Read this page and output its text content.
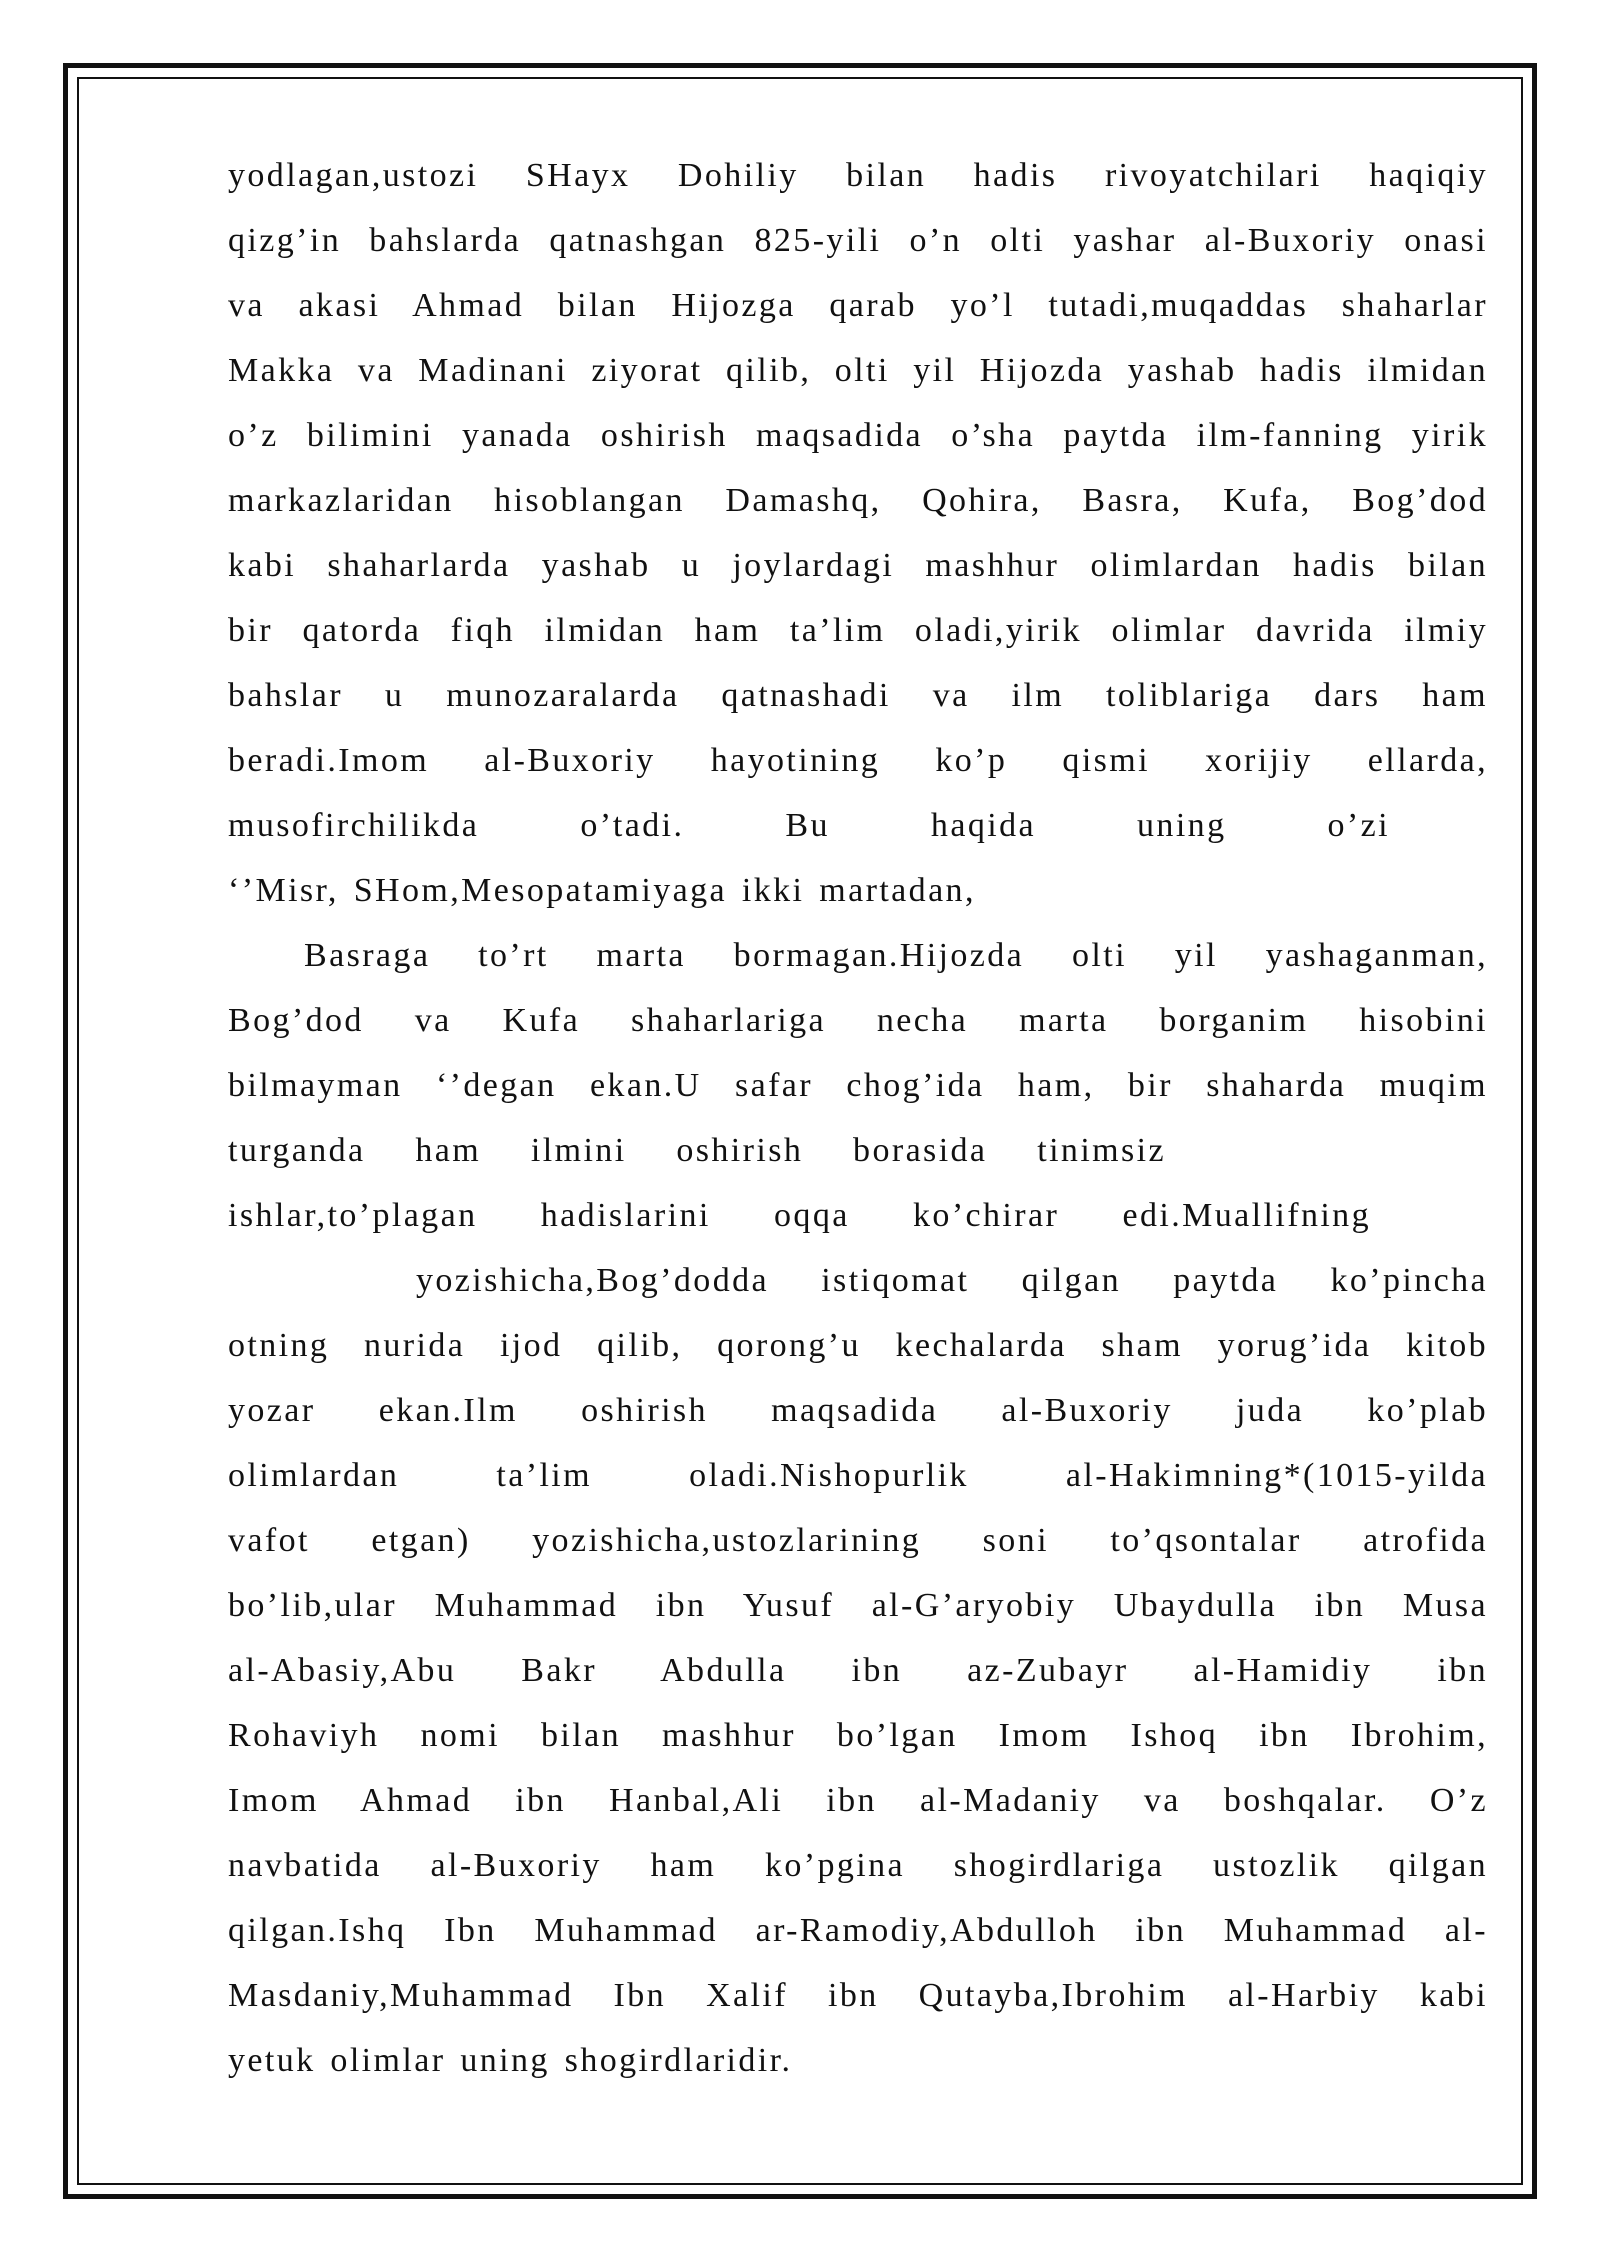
yodlagan,ustozi SHayx Dohiliy bilan hadis rivoyatchilari haqiqiy
qizg’in bahslarda qatnashgan 825-yili o’n olti yashar al-Buxoriy onasi
va akasi Ahmad bilan Hijozga qarab yo’l tutadi,muqaddas shaharlar
Makka va Madinani ziyorat qilib, olti yil Hijozda yashab hadis ilmidan
o’z bilimini yanada oshirish maqsadida o’sha paytda ilm-fanning yirik
markazlaridan hisoblangan Damashq, Qohira, Basra, Kufa, Bog’dod
kabi shaharlarda yashab u joylardagi mashhur olimlardan hadis bilan
bir qatorda fiqh ilmidan ham ta’lim oladi,yirik olimlar davrida ilmiy
bahslar u munozaralarda qatnashadi va ilm toliblariga dars ham
beradi.Imom al-Buxoriy hayotining ko’p qismi xorijiy ellarda,
musofirchilikda o’tadi. Bu haqida uning o’zi
‘’Misr, SHom,Mesopatamiyaga ikki martadan,
Basraga to’rt marta bormagan.Hijozda olti yil yashaganman,
Bog’dod va Kufa shaharlariga necha marta borganim hisobini
bilmayman ‘’degan ekan.U safar chog’ida ham, bir shaharda muqim
turganda ham ilmini oshirish borasida tinimsiz
ishlar,to’plagan hadislarini oqqa ko’chirar edi.Muallifning
yozishicha,Bog’dodda istiqomat qilgan paytda ko’pincha
otning nurida ijod qilib, qorong’u kechalarda sham yorug’ida kitob
yozar ekan.Ilm oshirish maqsadida al-Buxoriy juda ko’plab
olimlardan ta’lim oladi.Nishopurlik al-Hakimning*(1015-yilda
vafot etgan) yozishicha,ustozlarining soni to’qsontalar atrofida
bo’lib,ular Muhammad ibn Yusuf al-G’aryobiy Ubaydulla ibn Musa
al-Abasiy,Abu Bakr Abdulla ibn az-Zubayr al-Hamidiy ibn
Rohaviyh nomi bilan mashhur bo’lgan Imom Ishoq ibn Ibrohim,
Imom Ahmad ibn Hanbal,Ali ibn al-Madaniy va boshqalar. O’z
navbatida al-Buxoriy ham ko’pgina shogirdlariga ustozlik qilgan
qilgan.Ishq Ibn Muhammad ar-Ramodiy,Abdulloh ibn Muhammad al-
Masdaniy,Muhammad Ibn Xalif ibn Qutayba,Ibrohim al-Harbiy kabi
yetuk olimlar uning shogirdlaridir.
